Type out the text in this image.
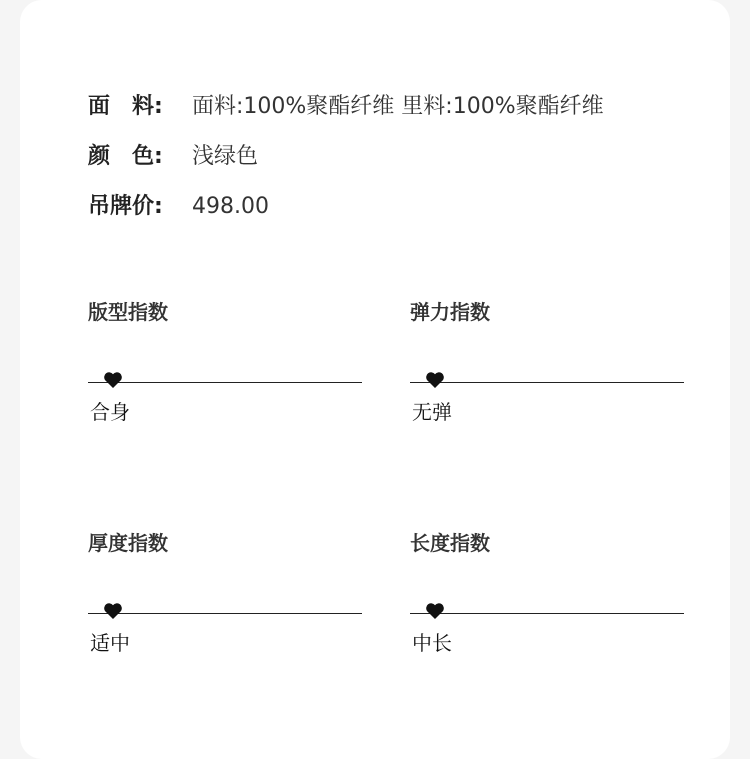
面　料: 面料:100%聚酯纤维 里料:100%聚酯纤维
颜　色: 浅绿色
吊牌价: 498.00
版型指数
合身
弹力指数
无弹
厚度指数
适中
长度指数
中长
